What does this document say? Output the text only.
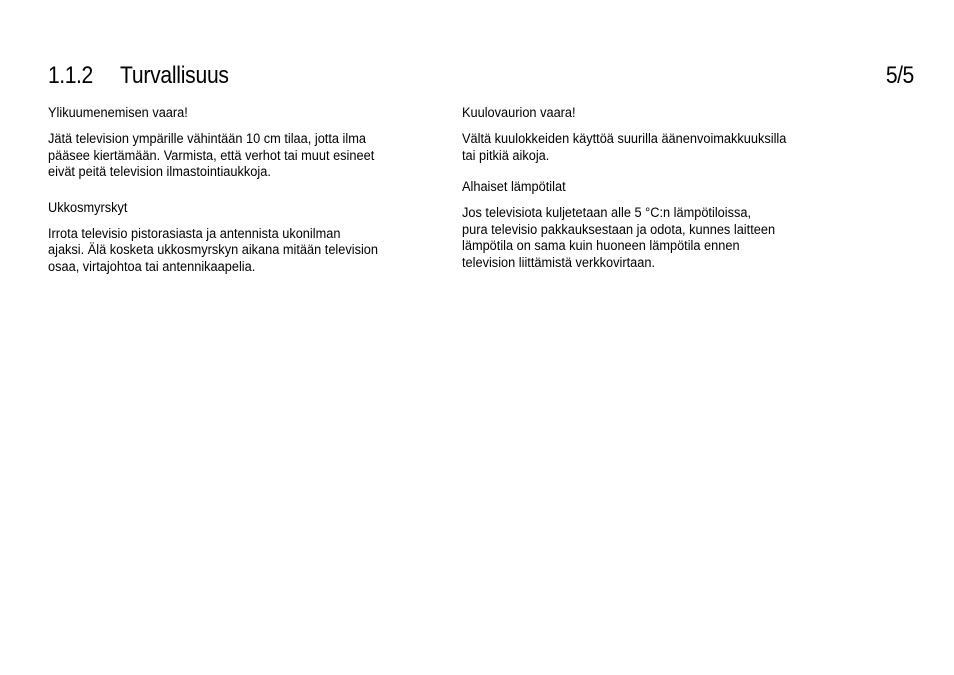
1.1.2 Turvallisuus	5/5
Ylikuumenemisen vaara!
Jätä television ympärille vähintään 10 cm tilaa, jotta ilma
pääsee kiertämään. Varmista, että verhot tai muut esineet
eivät peitä television ilmastointiaukkoja.
Ukkosmyrskyt
Irrota televisio pistorasiasta ja antennista ukonilman
ajaksi. Älä kosketa ukkosmyrskyn aikana mitään television
osaa, virtajohtoa tai antennikaapelia.
Kuulovaurion vaara!
Vältä kuulokkeiden käyttöä suurilla äänenvoimakkuuksilla
tai pitkiä aikoja.
Alhaiset lämpötilat
Jos televisiota kuljetetaan alle 5 °C:n lämpötiloissa,
pura televisio pakkauksestaan ja odota, kunnes laitteen
lämpötila on sama kuin huoneen lämpötila ennen
television liittämistä verkkovirtaan.
